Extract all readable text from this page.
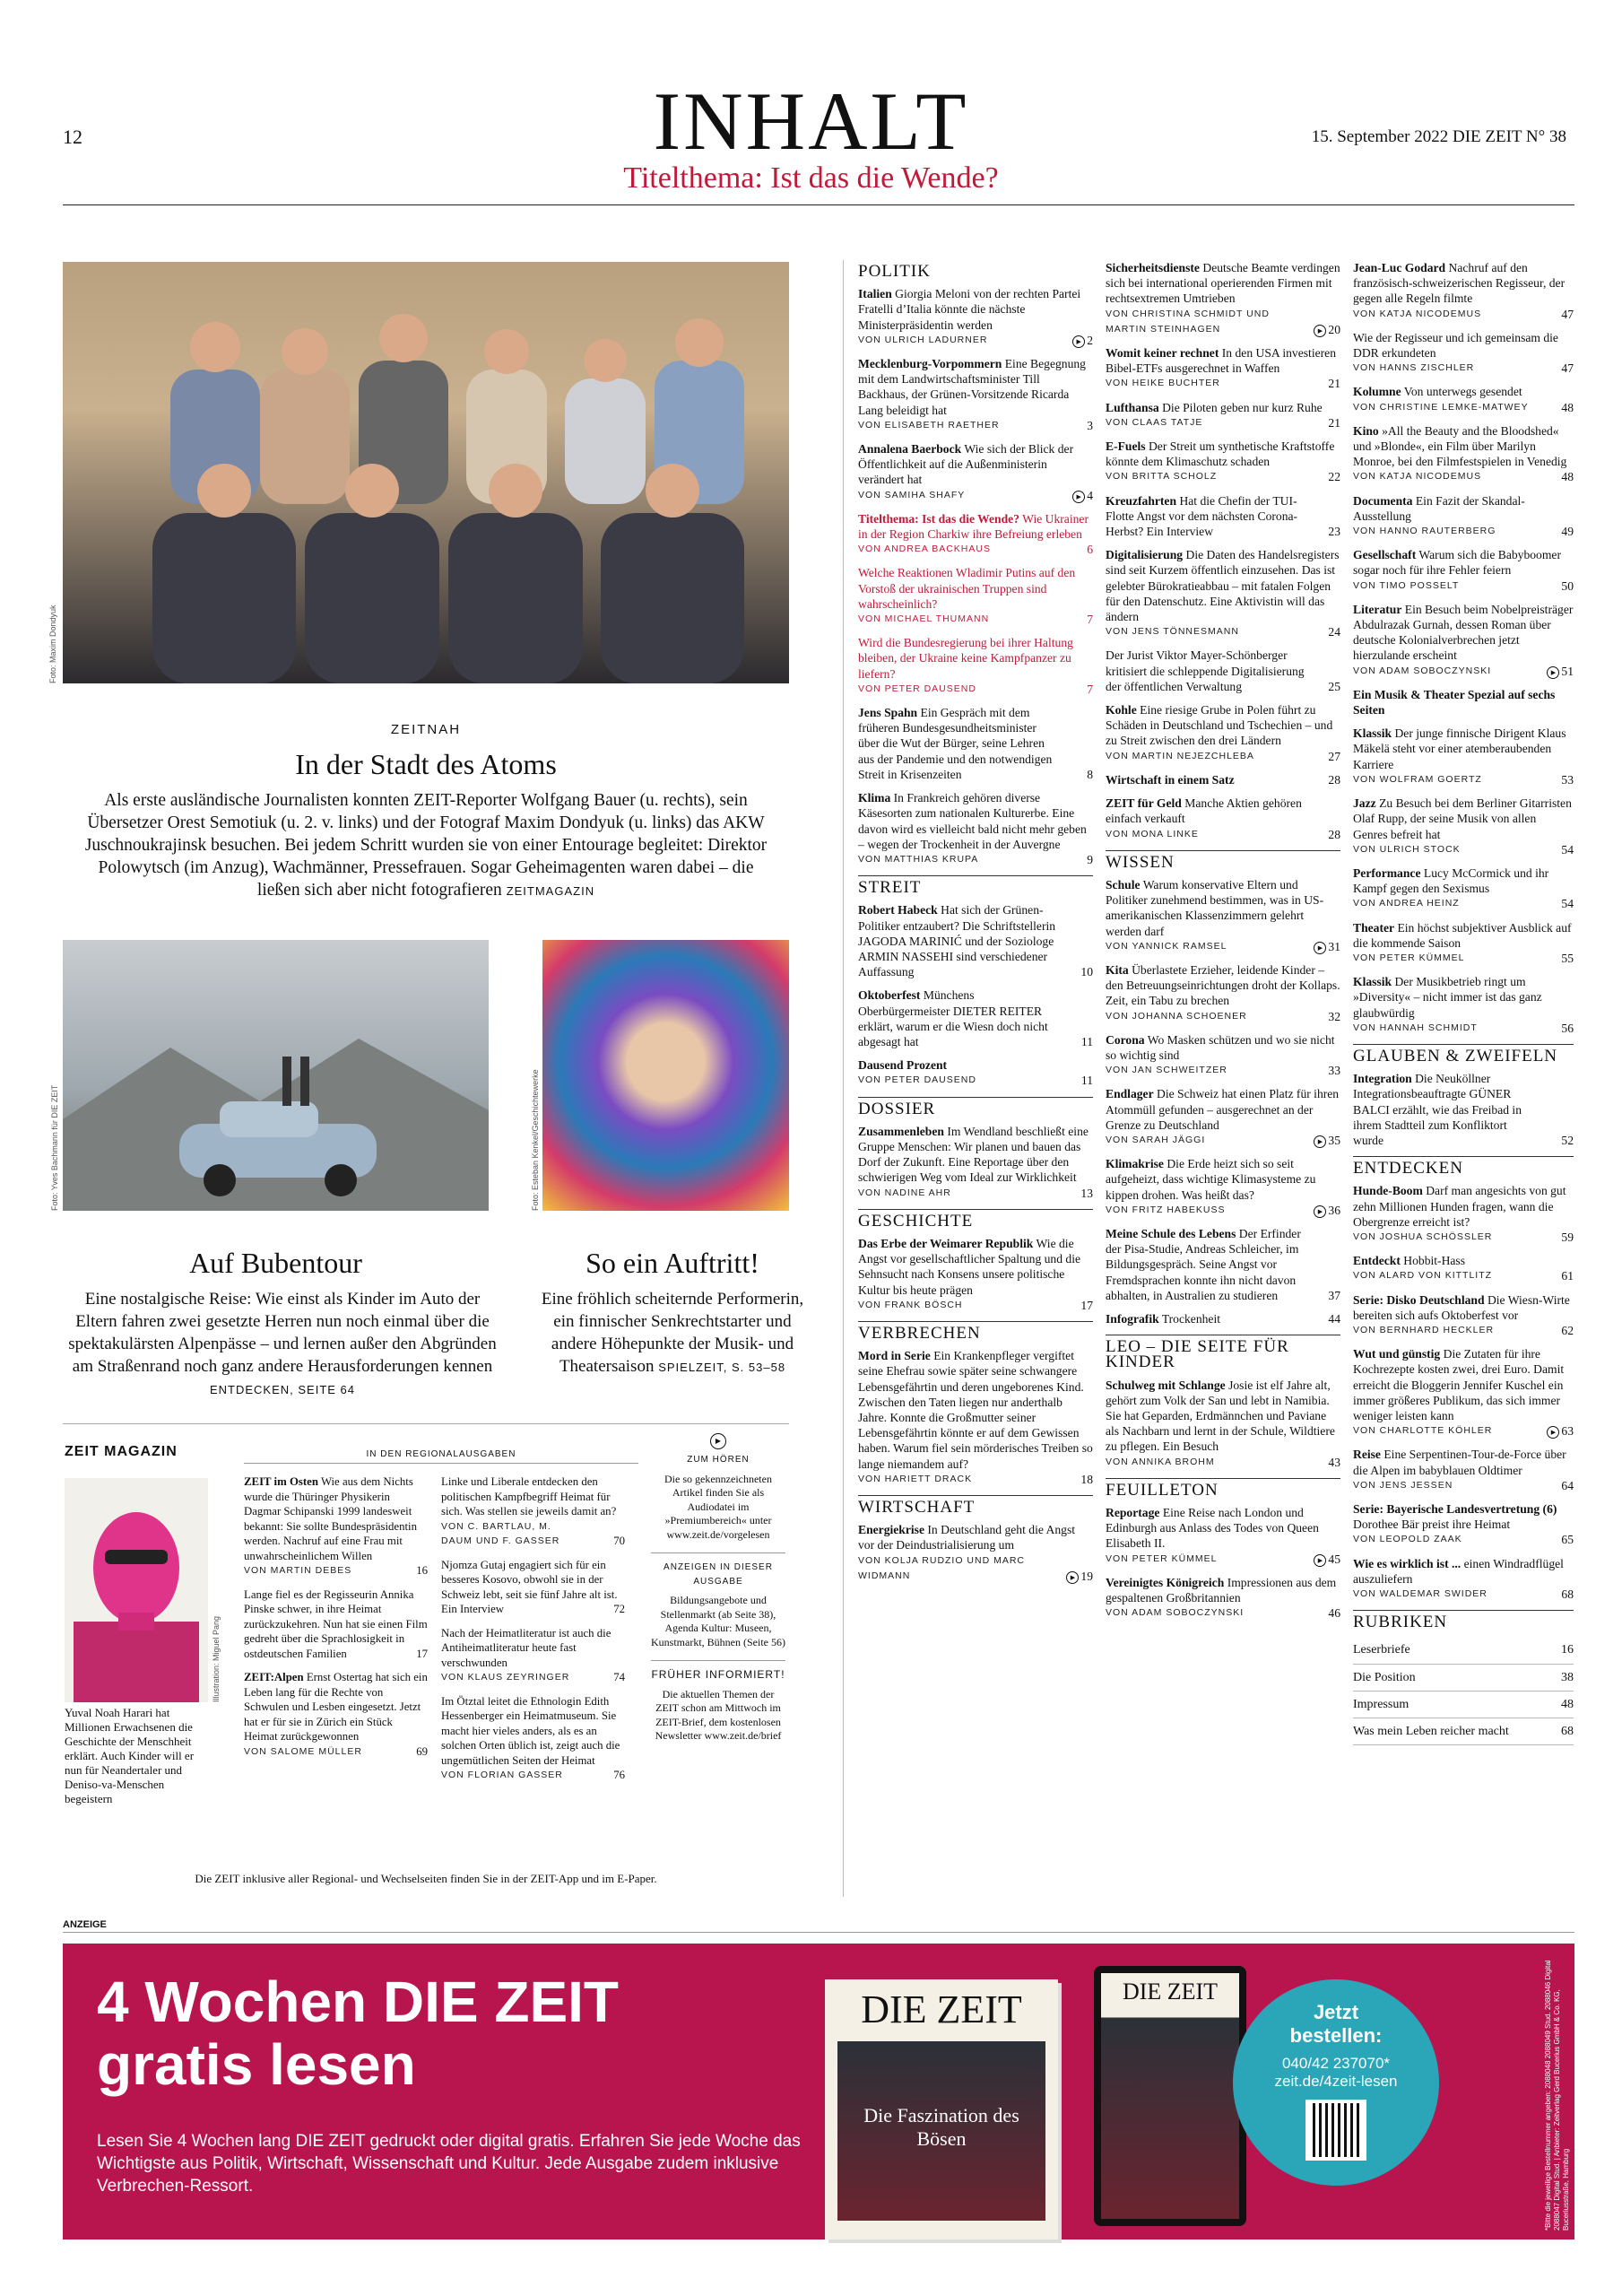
12	INHALT	15. September 2022 DIE ZEIT N° 38
Titelthema: Ist das die Wende?
Foto: Maxim Dondyuk
ZEITNAH
In der Stadt des Atoms
Als erste ausländische Journalisten konnten ZEIT-Reporter Wolfgang Bauer (u. rechts), sein Übersetzer Orest Semotiuk (u. 2. v. links) und der Fotograf Maxim Dondyuk (u. links) das AKW Juschnoukrajinsk besuchen. Bei jedem Schritt wurden sie von einer Entourage begleitet: Direktor Polowytsch (im Anzug), Wachmänner, Pressefrauen. Sogar Geheimagenten waren dabei – die ließen sich aber nicht fotografieren ZEITMAGAZIN
Foto: Yves Bachmann für DIE ZEIT	Foto: Esteban Kenkel/Geschichtewerke
Auf Bubentour
Eine nostalgische Reise: Wie einst als Kinder im Auto der Eltern fahren zwei gesetzte Herren nun noch einmal über die spektakulärsten Alpenpässe – und lernen außer den Abgründen am Straßenrand noch ganz andere Herausforderungen kennen ENTDECKEN, SEITE 64
So ein Auftritt!
Eine fröhlich scheiternde Performerin, ein finnischer Senkrechtstarter und andere Höhepunkte der Musik- und Theatersaison SPIELZEIT, S. 53–58
ZEIT MAGAZIN
Illustration: Miguel Pang
Yuval Noah Harari hat Millionen Erwachsenen die Geschichte der Menschheit erklärt. Auch Kinder will er nun für Neandertaler und Deniso-va-Menschen begeistern
IN DEN REGIONALAUSGABEN
ZEIT im Osten Wie aus dem Nichts wurde die Thüringer Physikerin Dagmar Schipanski 1999 landesweit bekannt: Sie sollte Bundespräsidentin werden. Nachruf auf eine Frau mit unwahrscheinlichem Willen
VON MARTIN DEBES	16
Lange fiel es der Regisseurin Annika Pinske schwer, in ihre Heimat zurückzukehren. Nun hat sie einen Film gedreht über die Sprachlosigkeit in ostdeutschen Familien	17
ZEIT:Alpen Ernst Ostertag hat sich ein Leben lang für die Rechte von Schwulen und Lesben eingesetzt. Jetzt hat er für sie in Zürich ein Stück Heimat zurückgewonnen
VON SALOME MÜLLER	69
Linke und Liberale entdecken den politischen Kampfbegriff Heimat für sich. Was stellen sie jeweils damit an?
VON C. BARTLAU, M. DAUM UND F. GASSER	70
Njomza Gutaj engagiert sich für ein besseres Kosovo, obwohl sie in der Schweiz lebt, seit sie fünf Jahre alt ist. Ein Interview	72
Nach der Heimatliteratur ist auch die Antiheimatliteratur heute fast verschwunden
VON KLAUS ZEYRINGER	74
Im Ötztal leitet die Ethnologin Edith Hessenberger ein Heimatmuseum. Sie macht hier vieles anders, als es an solchen Orten üblich ist, zeigt auch die ungemütlichen Seiten der Heimat
VON FLORIAN GASSER	76
▶
ZUM HÖREN
Die so gekennzeichneten Artikel finden Sie als Audiodatei im »Premiumbereich« unter www.zeit.de/vorgelesen
ANZEIGEN IN DIESER AUSGABE
Bildungsangebote und Stellenmarkt (ab Seite 38), Agenda Kultur: Museen, Kunstmarkt, Bühnen (Seite 56)
FRÜHER INFORMIERT!
Die aktuellen Themen der ZEIT schon am Mittwoch im ZEIT-Brief, dem kostenlosen Newsletter www.zeit.de/brief
Die ZEIT inklusive aller Regional- und Wechselseiten finden Sie in der ZEIT-App und im E-Paper.
POLITIK
Italien Giorgia Meloni von der rechten Partei Fratelli d’Italia könnte die nächste Ministerpräsidentin werden
VON ULRICH LADURNER	▶ 2
Mecklenburg-Vorpommern Eine Begegnung mit dem Landwirtschaftsminister Till Backhaus, der Grünen-Vorsitzende Ricarda Lang beleidigt hat
VON ELISABETH RAETHER	3
Annalena Baerbock Wie sich der Blick der Öffentlichkeit auf die Außenministerin verändert hat
VON SAMIHA SHAFY	▶ 4
Titelthema: Ist das die Wende? Wie Ukrainer in der Region Charkiw ihre Befreiung erleben
VON ANDREA BACKHAUS	6
Welche Reaktionen Wladimir Putins auf den Vorstoß der ukrainischen Truppen sind wahrscheinlich?
VON MICHAEL THUMANN	7
Wird die Bundesregierung bei ihrer Haltung bleiben, der Ukraine keine Kampfpanzer zu liefern?
VON PETER DAUSEND	7
Jens Spahn Ein Gespräch mit dem früheren Bundesgesundheitsminister über die Wut der Bürger, seine Lehren aus der Pandemie und den notwendigen Streit in Krisenzeiten	8
Klima In Frankreich gehören diverse Käsesorten zum nationalen Kulturerbe. Eine davon wird es vielleicht bald nicht mehr geben – wegen der Trockenheit in der Auvergne
VON MATTHIAS KRUPA	9
STREIT
Robert Habeck Hat sich der Grünen-Politiker entzaubert? Die Schriftstellerin JAGODA MARINIĆ und der Soziologe ARMIN NASSEHI sind verschiedener Auffassung	10
Oktoberfest Münchens Oberbürgermeister DIETER REITER erklärt, warum er die Wiesn doch nicht abgesagt hat	11
Dausend Prozent
VON PETER DAUSEND	11
DOSSIER
Zusammenleben Im Wendland beschließt eine Gruppe Menschen: Wir planen und bauen das Dorf der Zukunft. Eine Reportage über den schwierigen Weg vom Ideal zur Wirklichkeit
VON NADINE AHR	13
GESCHICHTE
Das Erbe der Weimarer Republik Wie die Angst vor gesellschaftlicher Spaltung und die Sehnsucht nach Konsens unsere politische Kultur bis heute prägen
VON FRANK BÖSCH	17
VERBRECHEN
Mord in Serie Ein Krankenpfleger vergiftet seine Ehefrau sowie später seine schwangere Lebensgefährtin und deren ungeborenes Kind. Zwischen den Taten liegen nur anderthalb Jahre. Konnte die Großmutter seiner Lebensgefährtin könnte er auf dem Gewissen haben. Warum fiel sein mörderisches Treiben so lange niemandem auf?
VON HARIETT DRACK	18
WIRTSCHAFT
Energiekrise In Deutschland geht die Angst vor der Deindustrialisierung um
VON KOLJA RUDZIO UND MARC WIDMANN	▶ 19
Sicherheitsdienste Deutsche Beamte verdingen sich bei international operierenden Firmen mit rechtsextremen Umtrieben
VON CHRISTINA SCHMIDT UND MARTIN STEINHAGEN	▶ 20
Womit keiner rechnet In den USA investieren Bibel-ETFs ausgerechnet in Waffen
VON HEIKE BUCHTER	21
Lufthansa Die Piloten geben nur kurz Ruhe
VON CLAAS TATJE	21
E-Fuels Der Streit um synthetische Kraftstoffe könnte dem Klimaschutz schaden
VON BRITTA SCHOLZ	22
Kreuzfahrten Hat die Chefin der TUI-Flotte Angst vor dem nächsten Corona-Herbst? Ein Interview	23
Digitalisierung Die Daten des Handelsregisters sind seit Kurzem öffentlich einzusehen. Das ist gelebter Bürokratieabbau – mit fatalen Folgen für den Datenschutz. Eine Aktivistin will das ändern
VON JENS TÖNNESMANN	24
Der Jurist Viktor Mayer-Schönberger kritisiert die schleppende Digitalisierung der öffentlichen Verwaltung	25
Kohle Eine riesige Grube in Polen führt zu Schäden in Deutschland und Tschechien – und zu Streit zwischen den drei Ländern
VON MARTIN NEJEZCHLEBA	27
Wirtschaft in einem Satz	28
ZEIT für Geld Manche Aktien gehören einfach verkauft
VON MONA LINKE	28
WISSEN
Schule Warum konservative Eltern und Politiker zunehmend bestimmen, was in US-amerikanischen Klassenzimmern gelehrt werden darf
VON YANNICK RAMSEL	▶ 31
Kita Überlastete Erzieher, leidende Kinder – den Betreuungseinrichtungen droht der Kollaps. Zeit, ein Tabu zu brechen
VON JOHANNA SCHOENER	32
Corona Wo Masken schützen und wo sie nicht so wichtig sind
VON JAN SCHWEITZER	33
Endlager Die Schweiz hat einen Platz für ihren Atommüll gefunden – ausgerechnet an der Grenze zu Deutschland
VON SARAH JÄGGI	▶ 35
Klimakrise Die Erde heizt sich so seit aufgeheizt, dass wichtige Klimasysteme zu kippen drohen. Was heißt das?
VON FRITZ HABEKUSS	▶ 36
Meine Schule des Lebens Der Erfinder der Pisa-Studie, Andreas Schleicher, im Bildungsgespräch. Seine Angst vor Fremdsprachen konnte ihn nicht davon abhalten, in Australien zu studieren	37
Infografik Trockenheit	44
LEO – DIE SEITE FÜR KINDER
Schulweg mit Schlange Josie ist elf Jahre alt, gehört zum Volk der San und lebt in Namibia. Sie hat Geparden, Erdmännchen und Paviane als Nachbarn und lernt in der Schule, Wildtiere zu pflegen. Ein Besuch
VON ANNIKA BROHM	43
FEUILLETON
Reportage Eine Reise nach London und Edinburgh aus Anlass des Todes von Queen Elisabeth II.
VON PETER KÜMMEL	▶ 45
Vereinigtes Königreich Impressionen aus dem gespaltenen Großbritannien
VON ADAM SOBOCZYNSKI	46
Jean-Luc Godard Nachruf auf den französisch-schweizerischen Regisseur, der gegen alle Regeln filmte
VON KATJA NICODEMUS	47
Wie der Regisseur und ich gemeinsam die DDR erkundeten
VON HANNS ZISCHLER	47
Kolumne Von unterwegs gesendet
VON CHRISTINE LEMKE-MATWEY	48
Kino »All the Beauty and the Bloodshed« und »Blonde«, ein Film über Marilyn Monroe, bei den Filmfestspielen in Venedig
VON KATJA NICODEMUS	48
Documenta Ein Fazit der Skandal-Ausstellung
VON HANNO RAUTERBERG	49
Gesellschaft Warum sich die Babyboomer sogar noch für ihre Fehler feiern
VON TIMO POSSELT	50
Literatur Ein Besuch beim Nobelpreisträger Abdulrazak Gurnah, dessen Roman über deutsche Kolonialverbrechen jetzt hierzulande erscheint
VON ADAM SOBOCZYNSKI	▶ 51
Ein Musik & Theater Spezial auf sechs Seiten
Klassik Der junge finnische Dirigent Klaus Mäkelä steht vor einer atemberaubenden Karriere
VON WOLFRAM GOERTZ	53
Jazz Zu Besuch bei dem Berliner Gitarristen Olaf Rupp, der seine Musik von allen Genres befreit hat
VON ULRICH STOCK	54
Performance Lucy McCormick und ihr Kampf gegen den Sexismus
VON ANDREA HEINZ	54
Theater Ein höchst subjektiver Ausblick auf die kommende Saison
VON PETER KÜMMEL	55
Klassik Der Musikbetrieb ringt um »Diversity« – nicht immer ist das ganz glaubwürdig
VON HANNAH SCHMIDT	56
GLAUBEN & ZWEIFELN
Integration Die Neuköllner Integrationsbeauftragte GÜNER BALCI erzählt, wie das Freibad in ihrem Stadtteil zum Konfliktort wurde	52
ENTDECKEN
Hunde-Boom Darf man angesichts von gut zehn Millionen Hunden fragen, wann die Obergrenze erreicht ist?
VON JOSHUA SCHÖSSLER	59
Entdeckt Hobbit-Hass
VON ALARD VON KITTLITZ	61
Serie: Disko Deutschland Die Wiesn-Wirte bereiten sich aufs Oktoberfest vor
VON BERNHARD HECKLER	62
Wut und günstig Die Zutaten für ihre Kochrezepte kosten zwei, drei Euro. Damit erreicht die Bloggerin Jennifer Kuschel ein immer größeres Publikum, das sich immer weniger leisten kann
VON CHARLOTTE KÖHLER	▶ 63
Reise Eine Serpentinen-Tour-de-Force über die Alpen im babyblauen Oldtimer
VON JENS JESSEN	64
Serie: Bayerische Landesvertretung (6) Dorothee Bär preist ihre Heimat
VON LEOPOLD ZAAK	65
Wie es wirklich ist ... einen Windradflügel auszuliefern
VON WALDEMAR SWIDER	68
RUBRIKEN
Leserbriefe	16
Die Position	38
Impressum	48
Was mein Leben reicher macht	68
ANZEIGE
4 Wochen DIE ZEIT
gratis lesen
Lesen Sie 4 Wochen lang DIE ZEIT gedruckt oder digital gratis. Erfahren Sie jede Woche das Wichtigste aus Politik, Wirtschaft, Wissenschaft und Kultur. Jede Ausgabe zudem inklusive Verbrechen-Ressort.
DIE ZEIT
Die Faszination des Bösen
DIE ZEIT
Jetzt bestellen:
040/42 237070*
zeit.de/4zeit-lesen	*Bitte die jeweilige Bestellnummer angeben: 2088048 2088049 Stud. 2088046 Digital 2088047 Digital Stud. | Anbieter: Zeitverlag Gerd Bucerius GmbH & Co. KG, Buceriusstraße, Hamburg
